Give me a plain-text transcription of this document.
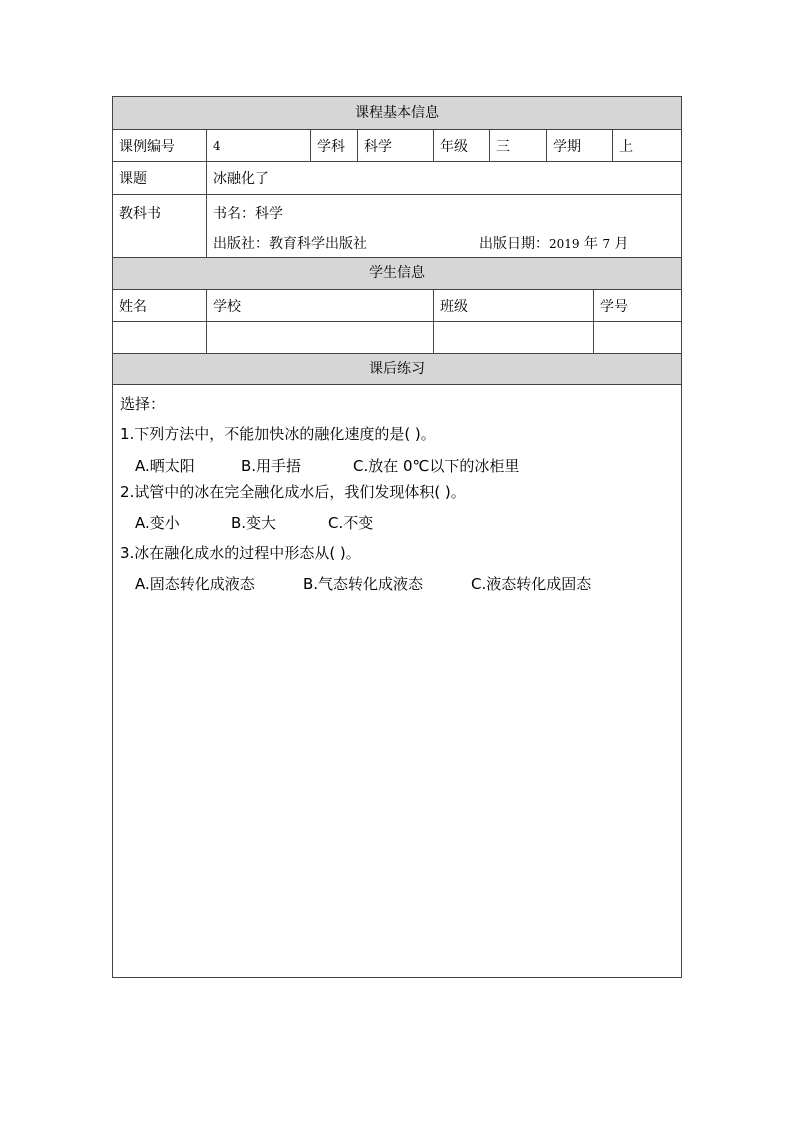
课程基本信息
课例编号	4	学科	科学	年级	三	学期	上
课题	冰融化了
教科书	书名：科学
出版社：教育科学出版社	出版日期：2019 年 7 月
学生信息
姓名	学校	班级	学号
课后练习
选择：
1.下列方法中，不能加快冰的融化速度的是( )。
A.晒太阳	B.用手捂	C.放在 0℃以下的冰柜里
2.试管中的冰在完全融化成水后，我们发现体积( )。
A.变小	B.变大	C.不变
3.冰在融化成水的过程中形态从( )。
A.固态转化成液态	B.气态转化成液态	C.液态转化成固态
